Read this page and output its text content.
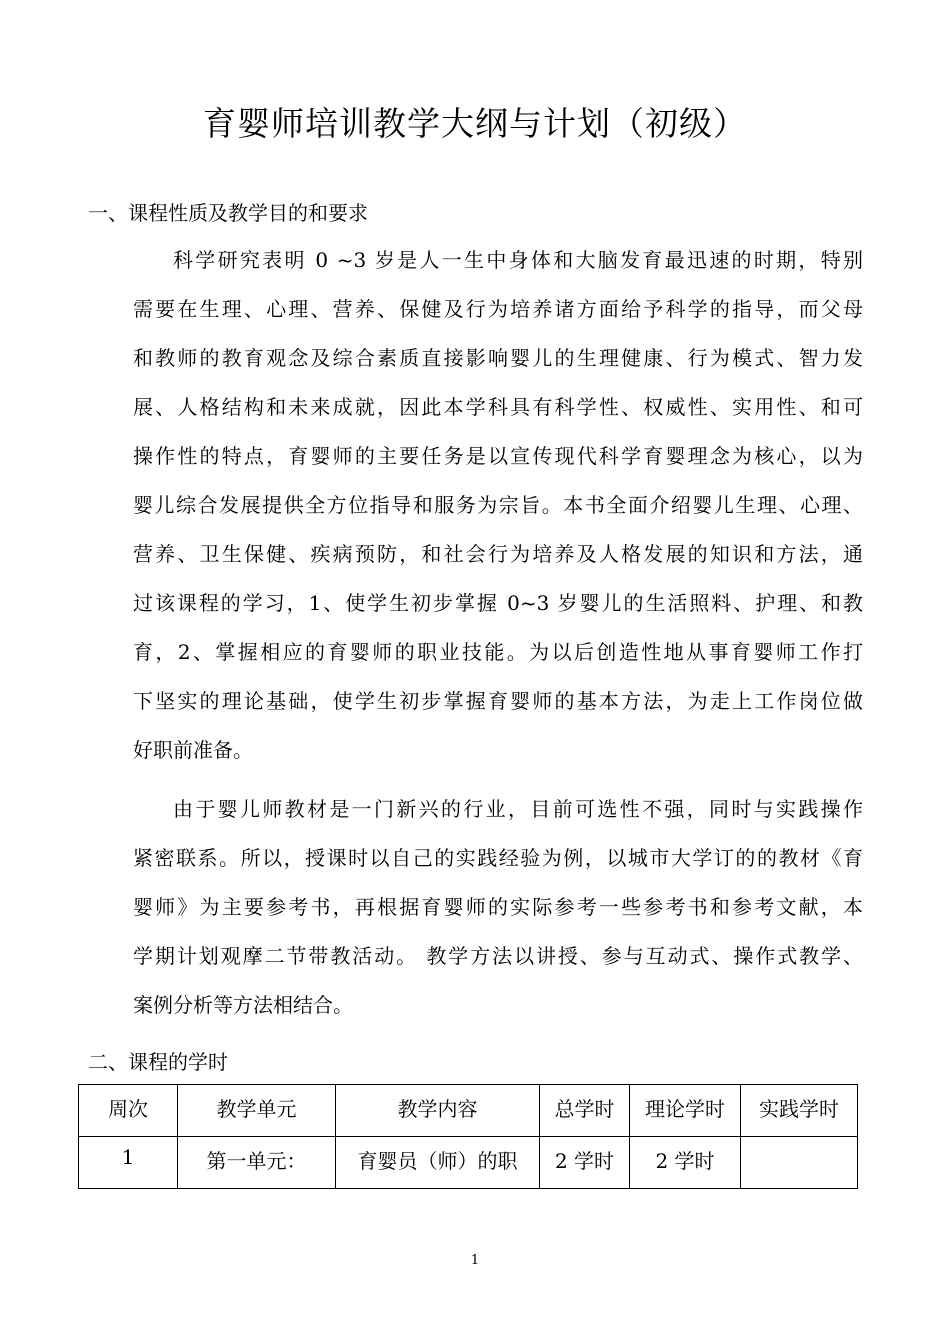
育婴师培训教学大纲与计划（初级）
一、课程性质及教学目的和要求
科学研究表明 0 ~3 岁是人一生中身体和大脑发育最迅速的时期，特别
需要在生理、心理、营养、保健及行为培养诸方面给予科学的指导，而父母
和教师的教育观念及综合素质直接影响婴儿的生理健康、行为模式、智力发
展、人格结构和未来成就，因此本学科具有科学性、权威性、实用性、和可
操作性的特点，育婴师的主要任务是以宣传现代科学育婴理念为核心，以为
婴儿综合发展提供全方位指导和服务为宗旨。本书全面介绍婴儿生理、心理、
营养、卫生保健、疾病预防，和社会行为培养及人格发展的知识和方法，通
过该课程的学习，1、使学生初步掌握 0~3 岁婴儿的生活照料、护理、和教
育，2、掌握相应的育婴师的职业技能。为以后创造性地从事育婴师工作打
下坚实的理论基础，使学生初步掌握育婴师的基本方法，为走上工作岗位做
好职前准备。
由于婴儿师教材是一门新兴的行业，目前可选性不强，同时与实践操作
紧密联系。所以，授课时以自己的实践经验为例，以城市大学订的的教材《育
婴师》为主要参考书，再根据育婴师的实际参考一些参考书和参考文献，本
学期计划观摩二节带教活动。 教学方法以讲授、参与互动式、操作式教学、
案例分析等方法相结合。
二、课程的学时
周次	教学单元	教学内容	总学时	理论学时	实践学时
1	第一单元：	育婴员（师）的职	2 学时	2 学时	
1
